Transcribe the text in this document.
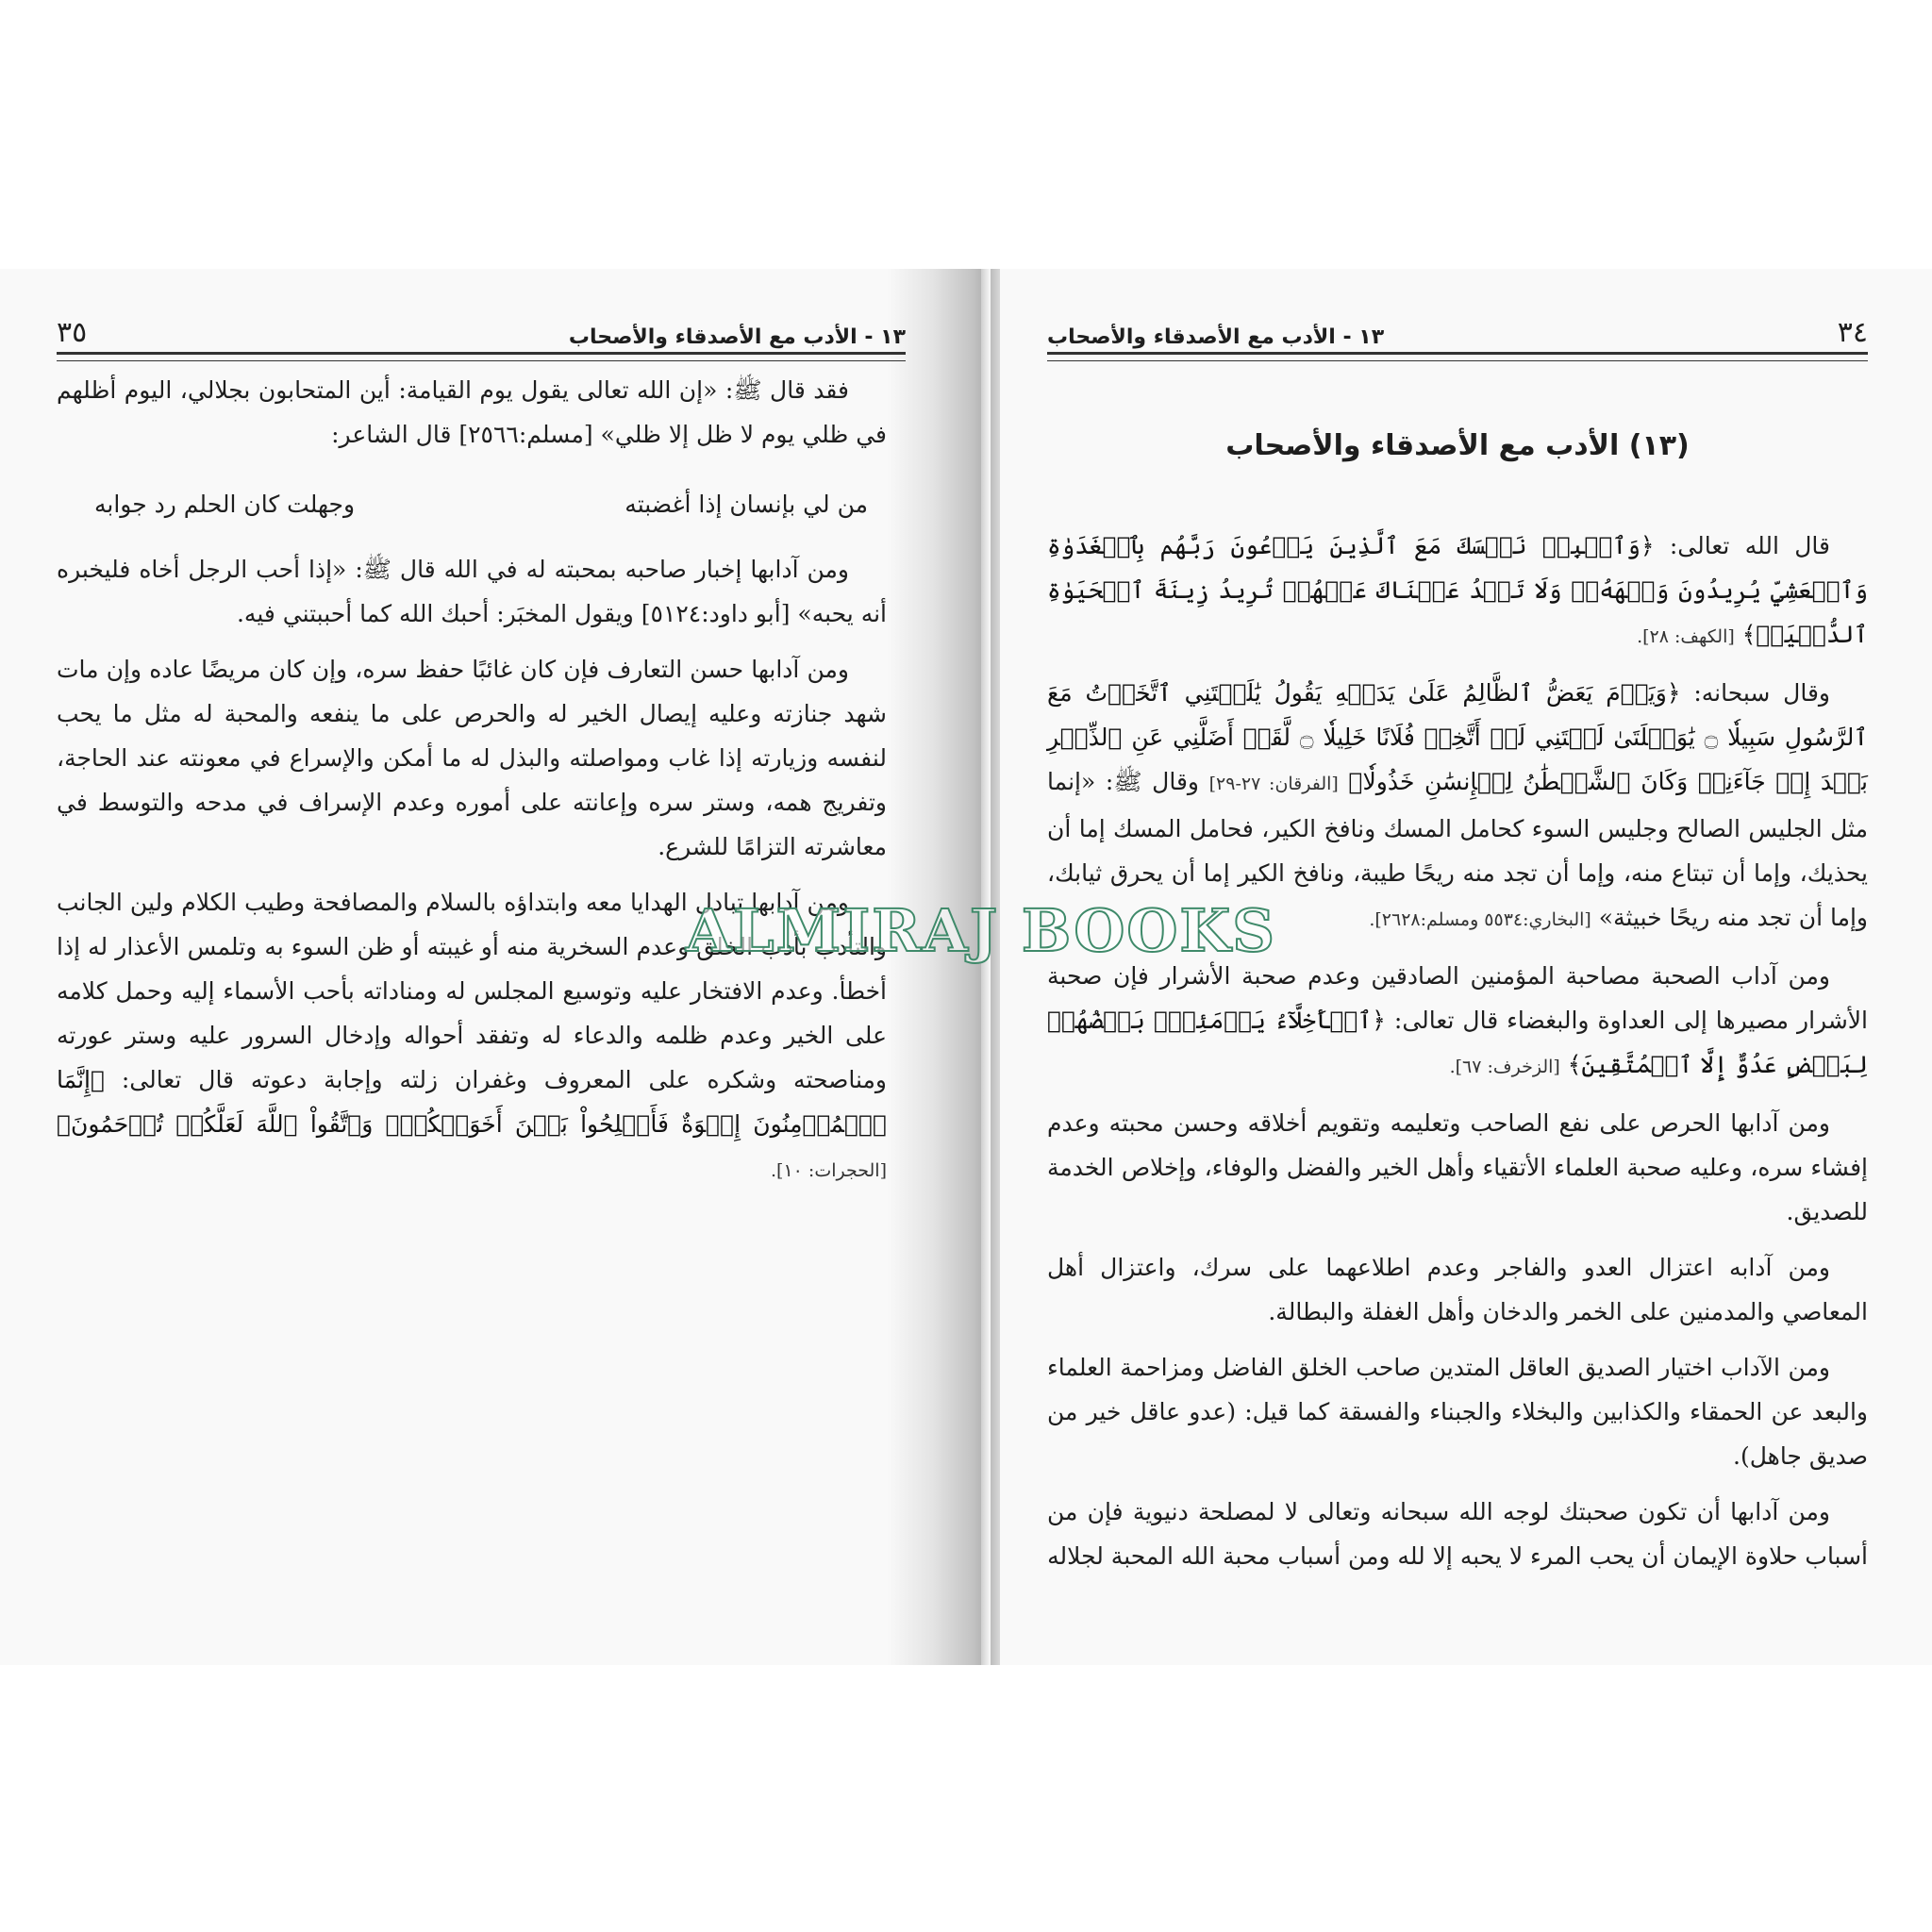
١٣ - الأدب مع الأصدقاء والأصحاب
٣٥

فقد قال ﷺ: «إن الله تعالى يقول يوم القيامة: أين المتحابون بجلالي، اليوم أظلهم في ظلي يوم لا ظل إلا ظلي» [مسلم:٢٥٦٦] قال الشاعر:

من لي بإنسان إذا أغضبته
وجهلت كان الحلم رد جوابه

ومن آدابها إخبار صاحبه بمحبته له في الله قال ﷺ: «إذا أحب الرجل أخاه فليخبره أنه يحبه» [أبو داود:٥١٢٤] ويقول المخبَر: أحبك الله كما أحببتني فيه.

ومن آدابها حسن التعارف فإن كان غائبًا حفظ سره، وإن كان مريضًا عاده وإن مات شهد جنازته وعليه إيصال الخير له والحرص على ما ينفعه والمحبة له مثل ما يحب لنفسه وزيارته إذا غاب ومواصلته والبذل له ما أمكن والإسراع في معونته عند الحاجة، وتفريج همه، وستر سره وإعانته على أموره وعدم الإسراف في مدحه والتوسط في معاشرته التزامًا للشرع.

ومن آدابها تبادل الهدايا معه وابتداؤه بالسلام والمصافحة وطيب الكلام ولين الجانب والتأدب بأدب الخلق وعدم السخرية منه أو غيبته أو ظن السوء به وتلمس الأعذار له إذا أخطأ. وعدم الافتخار عليه وتوسيع المجلس له ومناداته بأحب الأسماء إليه وحمل كلامه على الخير وعدم ظلمه والدعاء له وتفقد أحواله وإدخال السرور عليه وستر عورته ومناصحته وشكره على المعروف وغفران زلته وإجابة دعوته قال تعالى: ﴿إِنَّمَا ٱلۡمُؤۡمِنُونَ إِخۡوَةٌ فَأَصۡلِحُواْ بَيۡنَ أَخَوَيۡكُمۡۚ وَٱتَّقُواْ ٱللَّهَ لَعَلَّكُمۡ تُرۡحَمُونَ﴾ [الحجرات: ١٠].

٣٤
١٣ - الأدب مع الأصدقاء والأصحاب
(١٣) الأدب مع الأصدقاء والأصحاب

قال الله تعالى: ﴿وَٱصۡبِرۡ نَفۡسَكَ مَعَ ٱلَّذِينَ يَدۡعُونَ رَبَّهُم بِٱلۡغَدَوٰةِ وَٱلۡعَشِيِّ يُرِيدُونَ وَجۡهَهُۥۖ وَلَا تَعۡدُ عَيۡنَاكَ عَنۡهُمۡ تُرِيدُ زِينَةَ ٱلۡحَيَوٰةِ ٱلدُّنۡيَاۖ﴾ [الكهف: ٢٨].

وقال سبحانه: ﴿وَيَوۡمَ يَعَضُّ ٱلظَّالِمُ عَلَىٰ يَدَيۡهِ يَقُولُ يَٰلَيۡتَنِي ٱتَّخَذۡتُ مَعَ ٱلرَّسُولِ سَبِيلٗا ۝ يَٰوَيۡلَتَىٰ لَيۡتَنِي لَمۡ أَتَّخِذۡ فُلَانًا خَلِيلٗا ۝ لَّقَدۡ أَضَلَّنِي عَنِ ٱلذِّكۡرِ بَعۡدَ إِذۡ جَآءَنِيۗ وَكَانَ ٱلشَّيۡطَٰنُ لِلۡإِنسَٰنِ خَذُولٗا﴾ [الفرقان: ٢٧-٢٩] وقال ﷺ: «إنما مثل الجليس الصالح وجليس السوء كحامل المسك ونافخ الكير، فحامل المسك إما أن يحذيك، وإما أن تبتاع منه، وإما أن تجد منه ريحًا طيبة، ونافخ الكير إما أن يحرق ثيابك، وإما أن تجد منه ريحًا خبيثة» [البخاري:٥٥٣٤ ومسلم:٢٦٢٨].

ومن آداب الصحبة مصاحبة المؤمنين الصادقين وعدم صحبة الأشرار فإن صحبة الأشرار مصيرها إلى العداوة والبغضاء قال تعالى: ﴿ٱلۡأَخِلَّآءُ يَوۡمَئِذِۭ بَعۡضُهُمۡ لِبَعۡضٍ عَدُوٌّ إِلَّا ٱلۡمُتَّقِينَ﴾ [الزخرف: ٦٧].

ومن آدابها الحرص على نفع الصاحب وتعليمه وتقويم أخلاقه وحسن محبته وعدم إفشاء سره، وعليه صحبة العلماء الأتقياء وأهل الخير والفضل والوفاء، وإخلاص الخدمة للصديق.

ومن آدابه اعتزال العدو والفاجر وعدم اطلاعهما على سرك، واعتزال أهل المعاصي والمدمنين على الخمر والدخان وأهل الغفلة والبطالة.

ومن الآداب اختيار الصديق العاقل المتدين صاحب الخلق الفاضل ومزاحمة العلماء والبعد عن الحمقاء والكذابين والبخلاء والجبناء والفسقة كما قيل: (عدو عاقل خير من صديق جاهل).

ومن آدابها أن تكون صحبتك لوجه الله سبحانه وتعالى لا لمصلحة دنيوية فإن من أسباب حلاوة الإيمان أن يحب المرء لا يحبه إلا لله ومن أسباب محبة الله المحبة لجلاله

ALMIRAJ BOOKS
